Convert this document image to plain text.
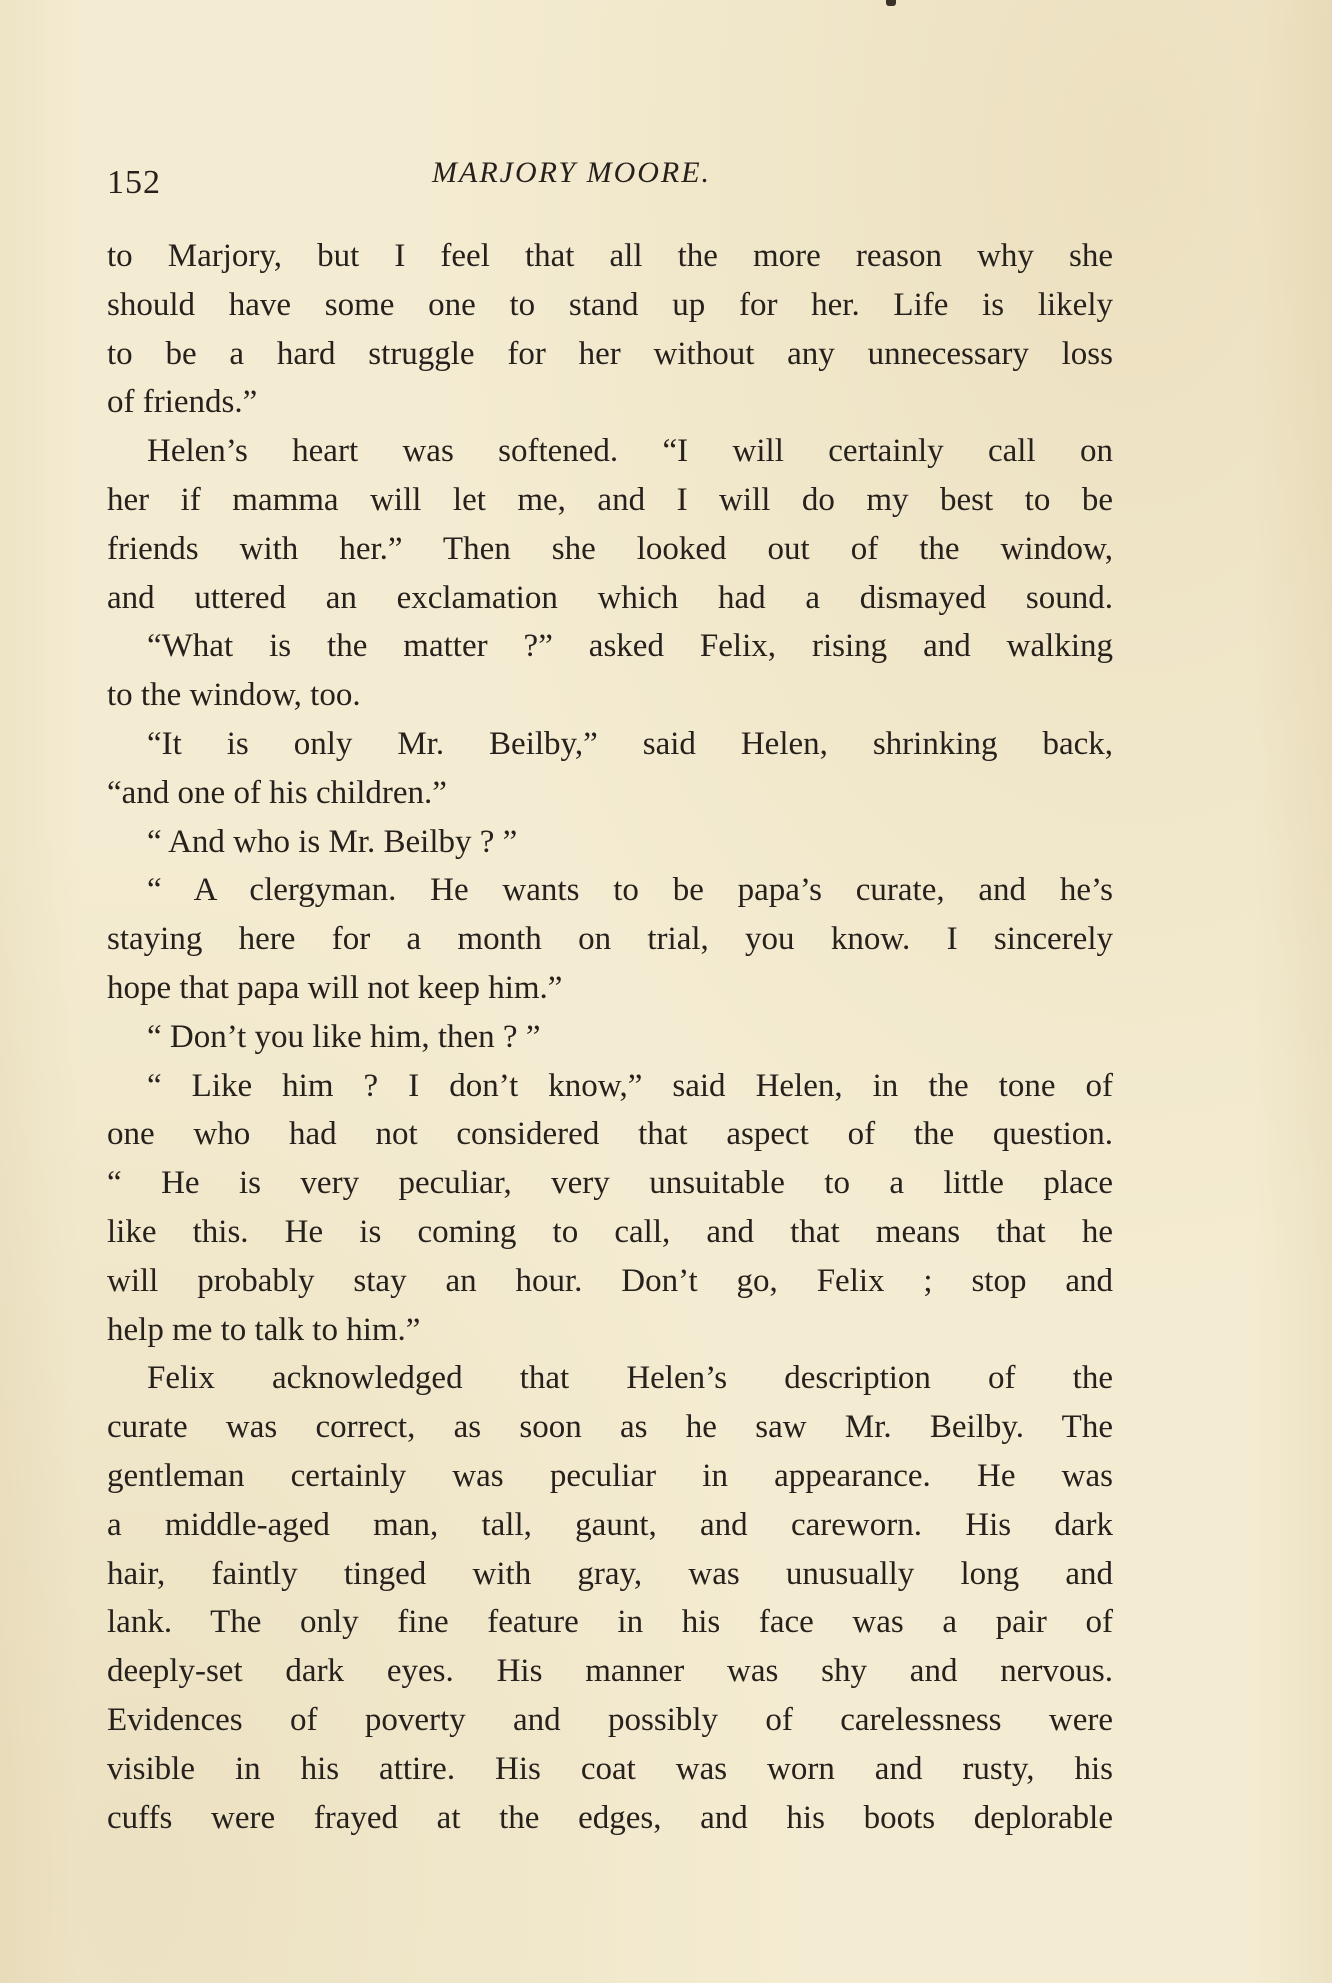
152	MARJORY MOORE.
to Marjory, but I feel that all the more reason why she
should have some one to stand up for her. Life is likely
to be a hard struggle for her without any unnecessary loss
of friends.”
Helen’s heart was softened. “I will certainly call on
her if mamma will let me, and I will do my best to be
friends with her.” Then she looked out of the window,
and uttered an exclamation which had a dismayed sound.
“What is the matter ?” asked Felix, rising and walking
to the window, too.
“It is only Mr. Beilby,” said Helen, shrinking back,
“and one of his children.”
“ And who is Mr. Beilby ? ”
“ A clergyman. He wants to be papa’s curate, and he’s
staying here for a month on trial, you know. I sincerely
hope that papa will not keep him.”
“ Don’t you like him, then ? ”
“ Like him ? I don’t know,” said Helen, in the tone of
one who had not considered that aspect of the question.
“ He is very peculiar, very unsuitable to a little place
like this. He is coming to call, and that means that he
will probably stay an hour. Don’t go, Felix ; stop and
help me to talk to him.”
Felix acknowledged that Helen’s description of the
curate was correct, as soon as he saw Mr. Beilby. The
gentleman certainly was peculiar in appearance. He was
a middle-aged man, tall, gaunt, and careworn. His dark
hair, faintly tinged with gray, was unusually long and
lank. The only fine feature in his face was a pair of
deeply-set dark eyes. His manner was shy and nervous.
Evidences of poverty and possibly of carelessness were
visible in his attire. His coat was worn and rusty, his
cuffs were frayed at the edges, and his boots deplorable
